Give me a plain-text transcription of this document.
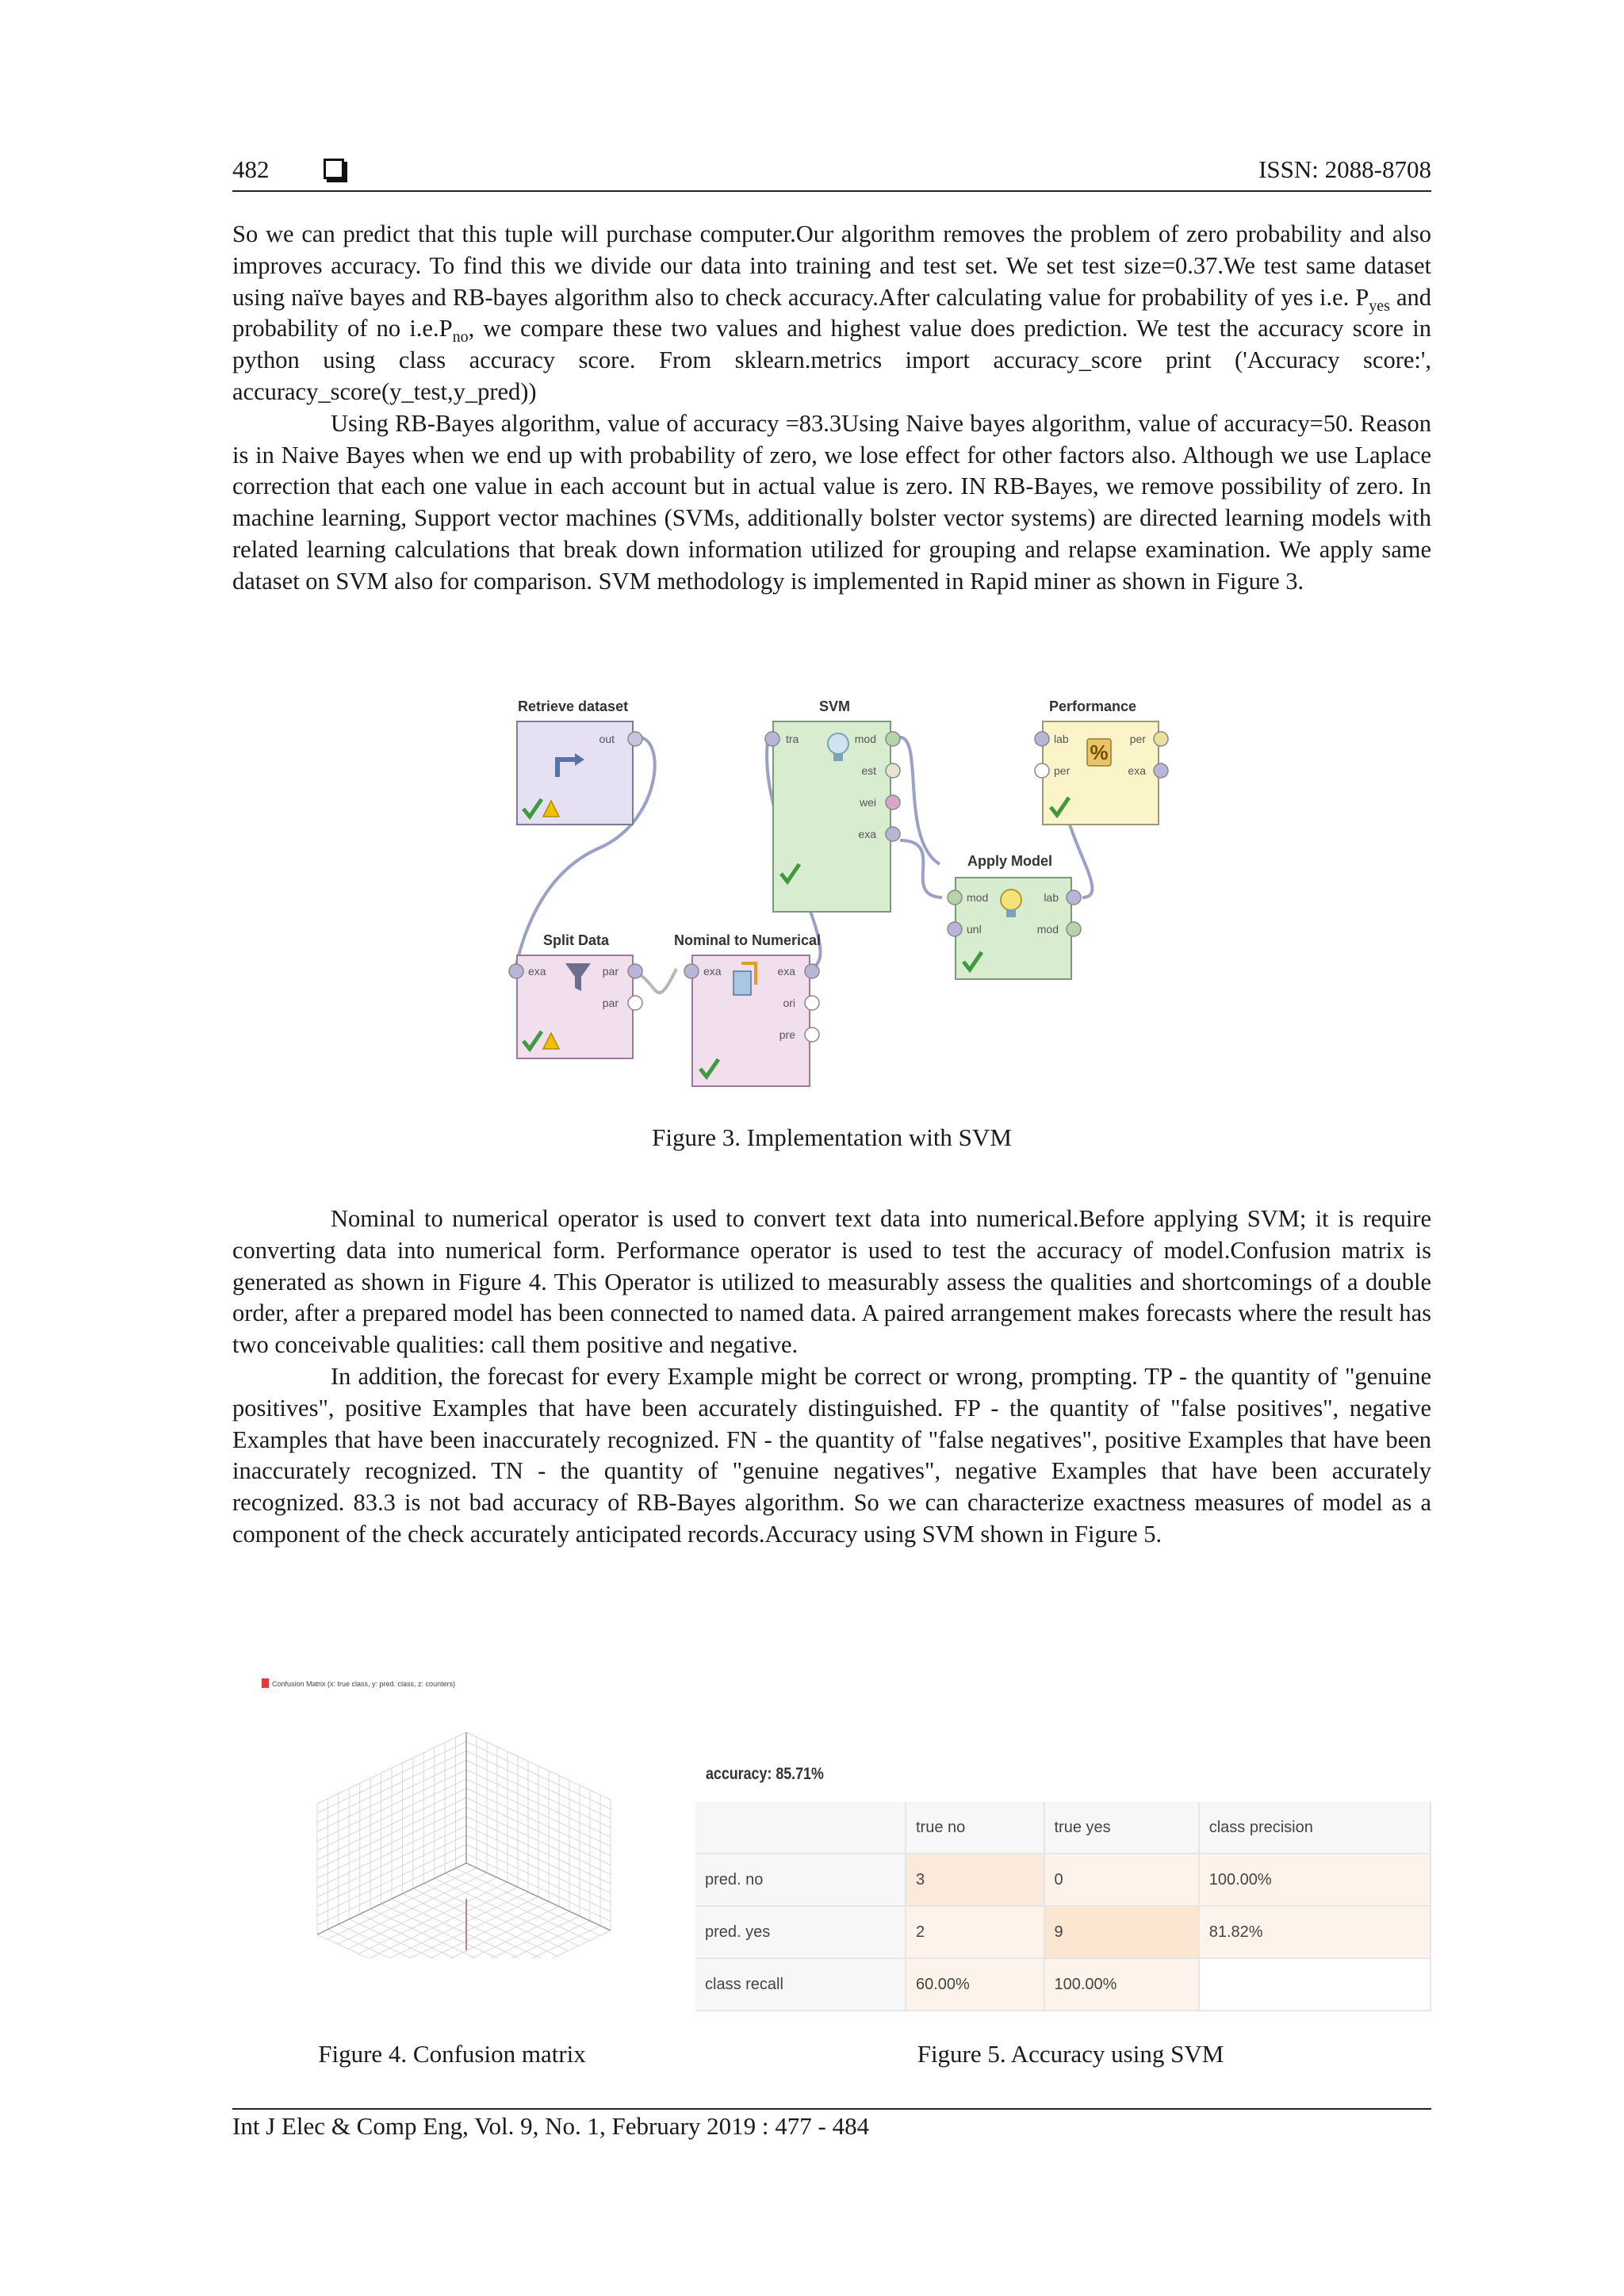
482	ISSN: 2088-8708

So we can predict that this tuple will purchase computer.Our algorithm removes the problem of zero probability and also improves accuracy. To find this we divide our data into training and test set. We set test size=0.37.We test same dataset using naïve bayes and RB-bayes algorithm also to check accuracy.After calculating value for probability of yes i.e. $P_{yes}$ and probability of no $i.e.P_{no}$, we compare these two values and highest value does prediction. We test the accuracy score in python using class accuracy score. From sklearn.metrics import accuracy_score print ('Accuracy score:', accuracy_score(y_test,y_pred))

Using RB-Bayes algorithm, value of accuracy =83.3Using Naive bayes algorithm, value of accuracy=50. Reason is in Naive Bayes when we end up with probability of zero, we lose effect for other factors also. Although we use Laplace correction that each one value in each account but in actual value is zero. IN RB-Bayes, we remove possibility of zero. In machine learning, Support vector machines (SVMs, additionally bolster vector systems) are directed learning models with related learning calculations that break down information utilized for grouping and relapse examination. We apply same dataset on SVM also for comparison. SVM methodology is implemented in Rapid miner as shown in Figure 3.

Retrieve dataset
out
SVM
tra	mod
est
wei
exa
Performance
lab
per
per
exa
%
Apply Model
mod
unl
lab
mod
Split Data
exa	par
par
Nominal to Numerical
exa	exa
ori
pre
Figure 3. Implementation with SVM

Nominal to numerical operator is used to convert text data into numerical.Before applying SVM; it is require converting data into numerical form. Performance operator is used to test the accuracy of model.Confusion matrix is generated as shown in Figure 4. This Operator is utilized to measurably assess the qualities and shortcomings of a double order, after a prepared model has been connected to named data. A paired arrangement makes forecasts where the result has two conceivable qualities: call them positive and negative.

In addition, the forecast for every Example might be correct or wrong, prompting. TP - the quantity of "genuine positives", positive Examples that have been accurately distinguished. FP - the quantity of "false positives", negative Examples that have been inaccurately recognized. FN - the quantity of "false negatives", positive Examples that have been inaccurately recognized. TN - the quantity of "genuine negatives", negative Examples that have been accurately recognized. 83.3 is not bad accuracy of RB-Bayes algorithm. So we can characterize exactness measures of model as a component of the check accurately anticipated records.Accuracy using SVM shown in Figure 5.

Confusion Matrix (x: true class, y: pred. class, z: counters)
Figure 4. Confusion matrix
accuracy: 85.71%
	true no	true yes	class precision
pred. no	3	0	100.00%
pred. yes	2	9	81.82%
class recall	60.00%	100.00%	
Figure 5. Accuracy using SVM
Int J Elec & Comp Eng, Vol. 9, No. 1, February 2019 : 477 - 484
